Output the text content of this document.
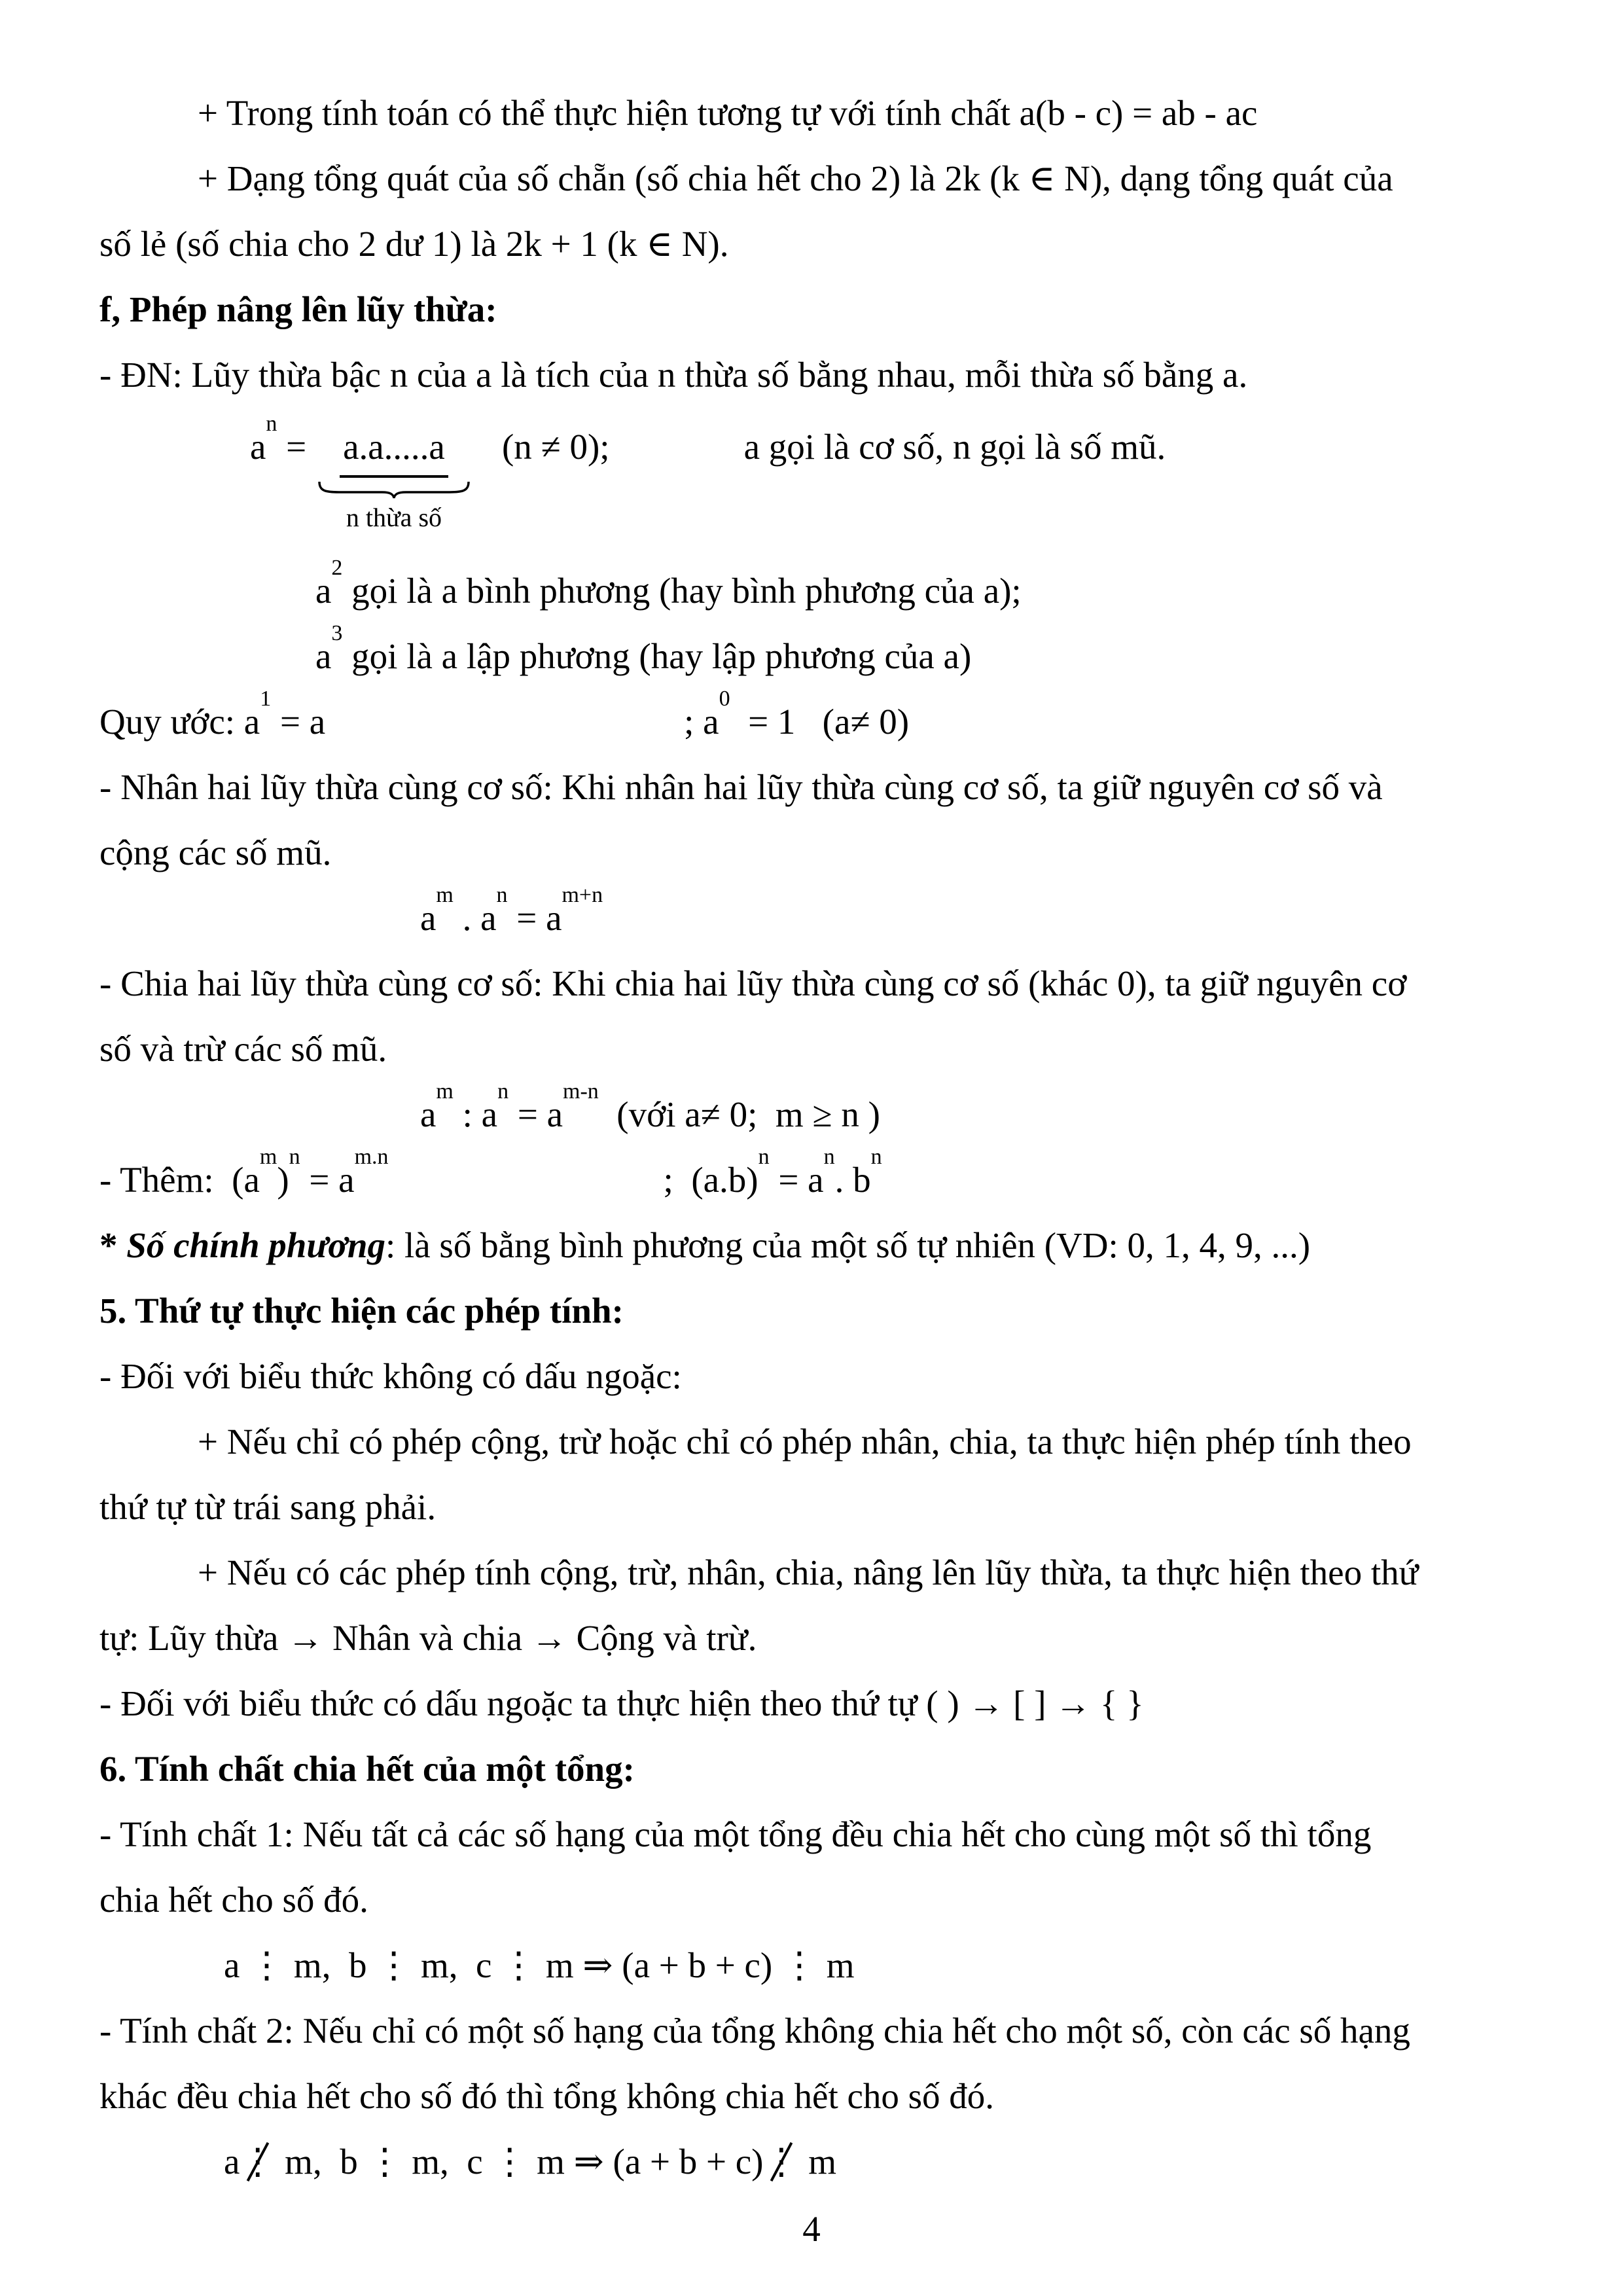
+ Trong tính toán có thể thực hiện tương tự với tính chất a(b - c) = ab - ac

+ Dạng tổng quát của số chẵn (số chia hết cho 2) là 2k (k ∈ N), dạng tổng quát của

số lẻ (số chia cho 2 dư 1) là 2k + 1 (k ∈ N).

f, Phép nâng lên lũy thừa:

- ĐN: Lũy thừa bậc n của a là tích của n thừa số bằng nhau, mỗi thừa số bằng a.

$a^n = a.a.....a$
n thừa số
(n ≠ 0);	a gọi là cơ số, n gọi là số mũ.

$a^2$ gọi là a bình phương (hay bình phương của a);

$a^3$ gọi là a lập phương (hay lập phương của a)

Quy ước: $a^1 = a$	; $a^0 = 1$   (a≠ 0)

- Nhân hai lũy thừa cùng cơ số: Khi nhân hai lũy thừa cùng cơ số, ta giữ nguyên cơ số và

cộng các số mũ.

$a^m$ . $a^n = a^{m+n}$

- Chia hai lũy thừa cùng cơ số: Khi chia hai lũy thừa cùng cơ số (khác 0), ta giữ nguyên cơ

số và trừ các số mũ.

$a^m$ : $a^n = a^{m-n}$  (với a≠ 0;  m ≥ n )

- Thêm:  $(a^m)^n = a^{m.n}$;  $(a.b)^n = a^n$. $b^n$

* Số chính phương: là số bằng bình phương của một số tự nhiên (VD: 0, 1, 4, 9, ...)

5. Thứ tự thực hiện các phép tính:

- Đối với biểu thức không có dấu ngoặc:

+ Nếu chỉ có phép cộng, trừ hoặc chỉ có phép nhân, chia, ta thực hiện phép tính theo

thứ tự từ trái sang phải.

+ Nếu có các phép tính cộng, trừ, nhân, chia, nâng lên lũy thừa, ta thực hiện theo thứ

tự: Lũy thừa → Nhân và chia → Cộng và trừ.

- Đối với biểu thức có dấu ngoặc ta thực hiện theo thứ tự ( ) → [ ] → { }

6. Tính chất chia hết của một tổng:

- Tính chất 1: Nếu tất cả các số hạng của một tổng đều chia hết cho cùng một số thì tổng

chia hết cho số đó.

a ⋮ m,  b ⋮ m,  c ⋮ m ⇒ (a + b + c) ⋮ m

- Tính chất 2: Nếu chỉ có một số hạng của tổng không chia hết cho một số, còn các số hạng

khác đều chia hết cho số đó thì tổng không chia hết cho số đó.

a⋮ m,  b ⋮ m,  c ⋮ m ⇒ (a + b + c)⋮ m

4
